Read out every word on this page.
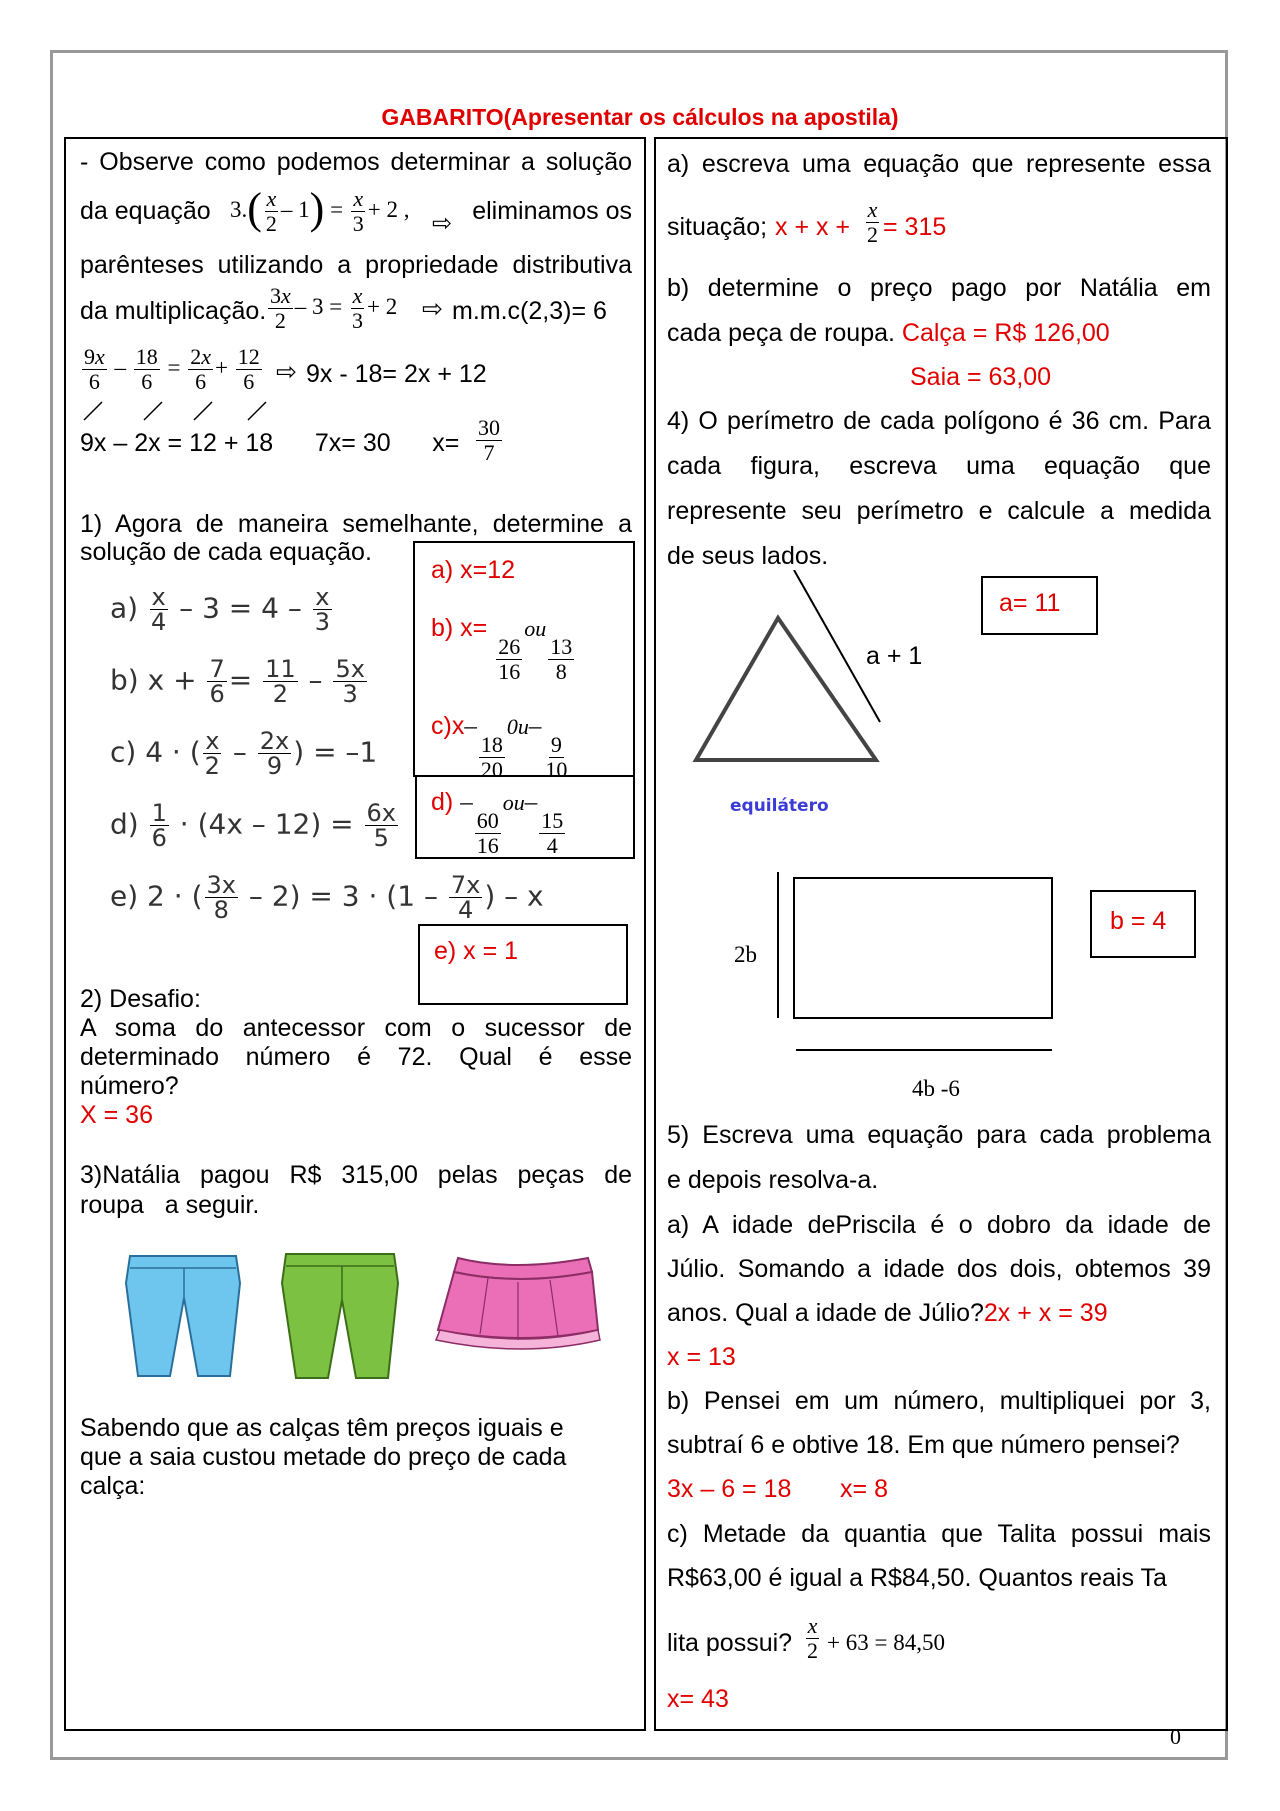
GABARITO(Apresentar os cálculos na apostila)
- Observe como podemos determinar a solução
da equação $3.( \frac{x}{2} - 1) = \frac{x}{3} + 2$ ,
⇨ eliminamos os
parênteses utilizando a propriedade distributiva
da multiplicação. $\frac{3x}{2} - 3 = \frac{x}{3} + 2$ ⇨ m.m.c(2,3)= 6
$\frac{9x}{6} - \frac{18}{6} = \frac{2x}{6} + \frac{12}{6}$ ⇨ 9x - 18= 2x + 12
9x – 2x = 12 + 18      7x= 30      $x= \frac{30}{7}$
1) Agora de maneira semelhante, determine a
solução de cada equação.
$a) \frac{x}{4} - 3 = 4 - \frac{x}{3}$
b) $x + \frac{7}{6} = \frac{11}{2} - \frac{5x}{3}$
c) 4 · ( $\frac{x}{2} - \frac{2x}{9}$ ) = –1
$d) \frac{1}{6} \cdot (4x - 12) = \frac{6x}{5}$
e) 2 · ( $\frac{3x}{8} - 2) = 3 \cdot (1 - \frac{7x}{4}$ ) – x
a) x=12
b) x=
$\frac{26}{16}$
ou
$\frac{13}{8}$
c)x–
$\frac{18}{20}$
0u–
$\frac{9}{10}$
d) –
$\frac{60}{16}$
ou–
$\frac{15}{4}$
e) x = 1
2) Desafio:
A soma do antecessor com o sucessor de
determinado número é 72. Qual é esse
número?
X = 36
3)Natália pagou R$ 315,00 pelas peças de
roupa   a seguir.
Sabendo que as calças têm preços iguais e
que a saia custou metade do preço de cada
calça:
a) escreva uma equação que represente essa
situação; $x + x + \frac{x}{2} = 315$
b) determine o preço pago por Natália em
cada peça de roupa. Calça = R$ 126,00
Saia = 63,00
4) O perímetro de cada polígono é 36 cm. Para
cada figura, escreva uma equação que
represente seu perímetro e calcule a medida
de seus lados.
a + 1
equilátero
a= 11
2b
4b -6
b = 4
5) Escreva uma equação para cada problema
e depois resolva-a.
a) A idade dePriscila é o dobro da idade de
Júlio. Somando a idade dos dois, obtemos 39
anos. Qual a idade de Júlio?2x + x = 39
x = 13
b) Pensei em um número, multipliquei por 3,
subtraí 6 e obtive 18. Em que número pensei?
3x – 6 = 18       x= 8
c) Metade da quantia que Talita possui mais
R$63,00 é igual a R$84,50. Quantos reais Ta
lita possui? $\frac{x}{2} + 63 = 84,50$
x= 43
0
